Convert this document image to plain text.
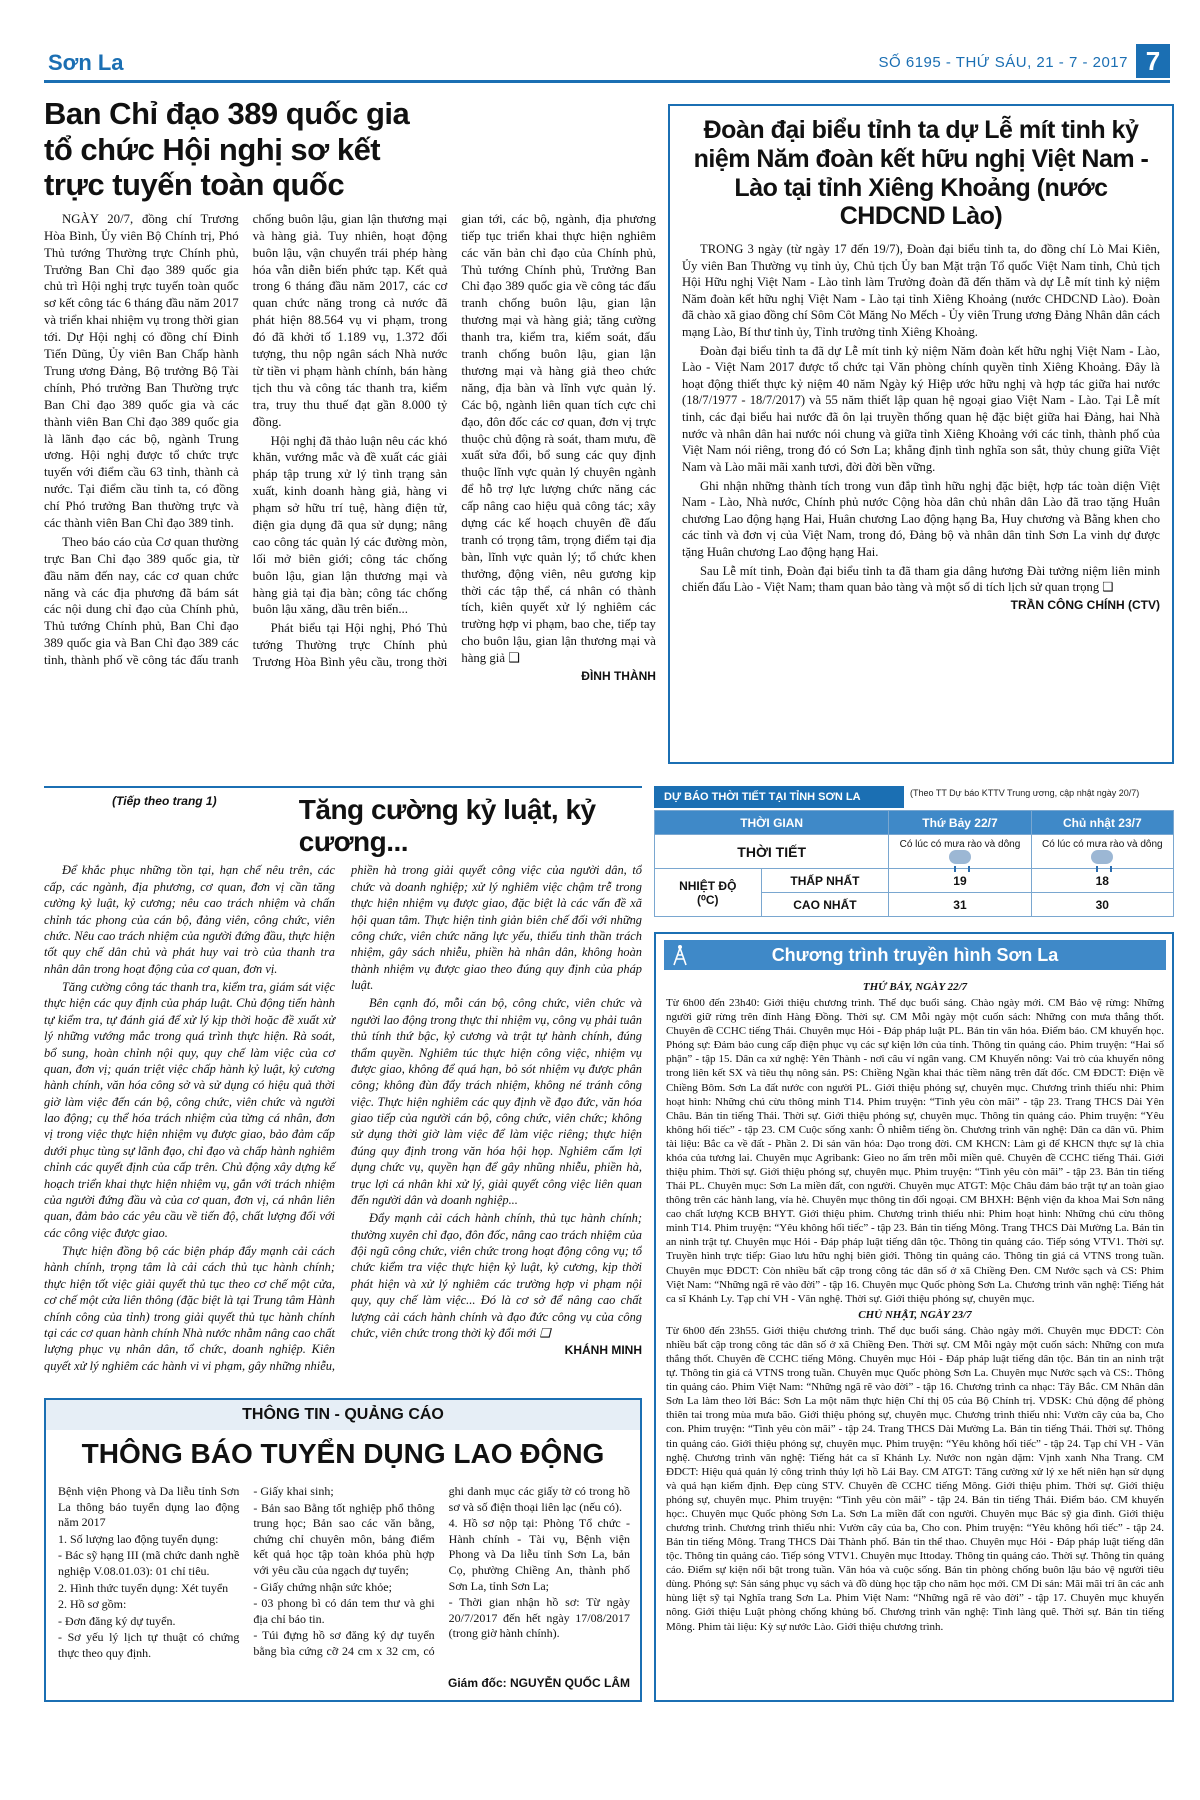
Sơn La	SỐ 6195 - THỨ SÁU, 21 - 7 - 2017 7
Ban Chỉ đạo 389 quốc gia tổ chức Hội nghị sơ kết trực tuyến toàn quốc

NGÀY 20/7, đồng chí Trương Hòa Bình, Ủy viên Bộ Chính trị, Phó Thủ tướng Thường trực Chính phủ, Trưởng Ban Chỉ đạo 389 quốc gia chủ trì Hội nghị trực tuyến toàn quốc sơ kết công tác 6 tháng đầu năm 2017 và triển khai nhiệm vụ trong thời gian tới. Dự Hội nghị có đồng chí Đinh Tiến Dũng, Ủy viên Ban Chấp hành Trung ương Đảng, Bộ trưởng Bộ Tài chính, Phó trưởng Ban Thường trực Ban Chỉ đạo 389 quốc gia và các thành viên Ban Chỉ đạo 389 quốc gia là lãnh đạo các bộ, ngành Trung ương. Hội nghị được tổ chức trực tuyến với điểm cầu 63 tỉnh, thành cả nước. Tại điểm cầu tỉnh ta, có đồng chí Phó trưởng Ban thường trực và các thành viên Ban Chỉ đạo 389 tỉnh.

Theo báo cáo của Cơ quan thường trực Ban Chỉ đạo 389 quốc gia, từ đầu năm đến nay, các cơ quan chức năng và các địa phương đã bám sát các nội dung chỉ đạo của Chính phủ, Thủ tướng Chính phủ, Ban Chỉ đạo 389 quốc gia và Ban Chỉ đạo 389 các tỉnh, thành phố về công tác đấu tranh chống buôn lậu, gian lận thương mại và hàng giả. Tuy nhiên, hoạt động buôn lậu, vận chuyển trái phép hàng hóa vẫn diễn biến phức tạp. Kết quả trong 6 tháng đầu năm 2017, các cơ quan chức năng trong cả nước đã phát hiện 88.564 vụ vi phạm, trong đó đã khởi tố 1.189 vụ, 1.372 đối tượng, thu nộp ngân sách Nhà nước từ tiền vi phạm hành chính, bán hàng tịch thu và công tác thanh tra, kiểm tra, truy thu thuế đạt gần 8.000 tỷ đồng.

Hội nghị đã thảo luận nêu các khó khăn, vướng mắc và đề xuất các giải pháp tập trung xử lý tình trạng sản xuất, kinh doanh hàng giả, hàng vi phạm sở hữu trí tuệ, hàng điện tử, điện gia dụng đã qua sử dụng; nâng cao công tác quản lý các đường mòn, lối mở biên giới; công tác chống buôn lậu, gian lận thương mại và hàng giả tại địa bàn; công tác chống buôn lậu xăng, dầu trên biển...

Phát biểu tại Hội nghị, Phó Thủ tướng Thường trực Chính phủ Trương Hòa Bình yêu cầu, trong thời gian tới, các bộ, ngành, địa phương tiếp tục triển khai thực hiện nghiêm các văn bản chỉ đạo của Chính phủ, Thủ tướng Chính phủ, Trưởng Ban Chỉ đạo 389 quốc gia về công tác đấu tranh chống buôn lậu, gian lận thương mại và hàng giả; tăng cường thanh tra, kiểm tra, kiểm soát, đấu tranh chống buôn lậu, gian lận thương mại và hàng giả theo chức năng, địa bàn và lĩnh vực quản lý. Các bộ, ngành liên quan tích cực chỉ đạo, đôn đốc các cơ quan, đơn vị trực thuộc chủ động rà soát, tham mưu, đề xuất sửa đổi, bổ sung các quy định thuộc lĩnh vực quản lý chuyên ngành để hỗ trợ lực lượng chức năng các cấp nâng cao hiệu quả công tác; xây dựng các kế hoạch chuyên đề đấu tranh có trọng tâm, trọng điểm tại địa bàn, lĩnh vực quản lý; tổ chức khen thưởng, động viên, nêu gương kịp thời các tập thể, cá nhân có thành tích, kiên quyết xử lý nghiêm các trường hợp vi phạm, bao che, tiếp tay cho buôn lậu, gian lận thương mại và hàng giả ❑

ĐÌNH THÀNH
Đoàn đại biểu tỉnh ta dự Lễ mít tinh kỷ niệm Năm đoàn kết hữu nghị Việt Nam - Lào tại tỉnh Xiêng Khoảng (nước CHDCND Lào)

TRONG 3 ngày (từ ngày 17 đến 19/7), Đoàn đại biểu tỉnh ta, do đồng chí Lò Mai Kiên, Ủy viên Ban Thường vụ tỉnh ủy, Chủ tịch Ủy ban Mặt trận Tổ quốc Việt Nam tỉnh, Chủ tịch Hội Hữu nghị Việt Nam - Lào tỉnh làm Trưởng đoàn đã đến thăm và dự Lễ mít tinh kỷ niệm Năm đoàn kết hữu nghị Việt Nam - Lào tại tỉnh Xiêng Khoảng (nước CHDCND Lào). Đoàn đã chào xã giao đồng chí Sôm Côt Măng No Mếch - Ủy viên Trung ương Đảng Nhân dân cách mạng Lào, Bí thư tỉnh ủy, Tỉnh trưởng tỉnh Xiêng Khoảng.

Đoàn đại biểu tỉnh ta đã dự Lễ mít tinh kỷ niệm Năm đoàn kết hữu nghị Việt Nam - Lào, Lào - Việt Nam 2017 được tổ chức tại Văn phòng chính quyền tỉnh Xiêng Khoảng. Đây là hoạt động thiết thực kỷ niệm 40 năm Ngày ký Hiệp ước hữu nghị và hợp tác giữa hai nước (18/7/1977 - 18/7/2017) và 55 năm thiết lập quan hệ ngoại giao Việt Nam - Lào. Tại Lễ mít tinh, các đại biểu hai nước đã ôn lại truyền thống quan hệ đặc biệt giữa hai Đảng, hai Nhà nước và nhân dân hai nước nói chung và giữa tỉnh Xiêng Khoảng với các tỉnh, thành phố của Việt Nam nói riêng, trong đó có Sơn La; khẳng định tình nghĩa son sắt, thủy chung giữa Việt Nam và Lào mãi mãi xanh tươi, đời đời bền vững.

Ghi nhận những thành tích trong vun đắp tình hữu nghị đặc biệt, hợp tác toàn diện Việt Nam - Lào, Nhà nước, Chính phủ nước Cộng hòa dân chủ nhân dân Lào đã trao tặng Huân chương Lao động hạng Hai, Huân chương Lao động hạng Ba, Huy chương và Bằng khen cho các tỉnh và đơn vị của Việt Nam, trong đó, Đảng bộ và nhân dân tỉnh Sơn La vinh dự được tặng Huân chương Lao động hạng Hai.

Sau Lễ mít tinh, Đoàn đại biểu tỉnh ta đã tham gia dâng hương Đài tưởng niệm liên minh chiến đấu Lào - Việt Nam; tham quan bảo tàng và một số di tích lịch sử quan trọng ❑

TRẦN CÔNG CHÍNH (CTV)
(Tiếp theo trang 1)	Tăng cường kỷ luật, kỷ cương...

Để khắc phục những tồn tại, hạn chế nêu trên, các cấp, các ngành, địa phương, cơ quan, đơn vị cần tăng cường kỷ luật, kỷ cương; nêu cao trách nhiệm và chấn chỉnh tác phong của cán bộ, đảng viên, công chức, viên chức. Nêu cao trách nhiệm của người đứng đầu, thực hiện tốt quy chế dân chủ và phát huy vai trò của thanh tra nhân dân trong hoạt động của cơ quan, đơn vị.

Tăng cường công tác thanh tra, kiểm tra, giám sát việc thực hiện các quy định của pháp luật. Chủ động tiến hành tự kiểm tra, tự đánh giá để xử lý kịp thời hoặc đề xuất xử lý những vướng mắc trong quá trình thực hiện. Rà soát, bổ sung, hoàn chỉnh nội quy, quy chế làm việc của cơ quan, đơn vị; quán triệt việc chấp hành kỷ luật, kỷ cương hành chính, văn hóa công sở và sử dụng có hiệu quả thời giờ làm việc đến cán bộ, công chức, viên chức và người lao động; cụ thể hóa trách nhiệm của từng cá nhân, đơn vị trong việc thực hiện nhiệm vụ được giao, bảo đảm cấp dưới phục tùng sự lãnh đạo, chỉ đạo và chấp hành nghiêm chỉnh các quyết định của cấp trên. Chủ động xây dựng kế hoạch triển khai thực hiện nhiệm vụ, gắn với trách nhiệm của người đứng đầu và của cơ quan, đơn vị, cá nhân liên quan, đảm bảo các yêu cầu về tiến độ, chất lượng đối với các công việc được giao.

Thực hiện đồng bộ các biện pháp đẩy mạnh cải cách hành chính, trọng tâm là cải cách thủ tục hành chính; thực hiện tốt việc giải quyết thủ tục theo cơ chế một cửa, cơ chế một cửa liên thông (đặc biệt là tại Trung tâm Hành chính công của tỉnh) trong giải quyết thủ tục hành chính tại các cơ quan hành chính Nhà nước nhằm nâng cao chất lượng phục vụ nhân dân, tổ chức, doanh nghiệp. Kiên quyết xử lý nghiêm các hành vi vi phạm, gây những nhiễu, phiền hà trong giải quyết công việc của người dân, tổ chức và doanh nghiệp; xử lý nghiêm việc chậm trễ trong thực hiện nhiệm vụ được giao, đặc biệt là các vấn đề xã hội quan tâm. Thực hiện tinh giản biên chế đối với những công chức, viên chức năng lực yếu, thiếu tinh thần trách nhiệm, gây sách nhiễu, phiền hà nhân dân, không hoàn thành nhiệm vụ được giao theo đúng quy định của pháp luật.

Bên cạnh đó, mỗi cán bộ, công chức, viên chức và người lao động trong thực thi nhiệm vụ, công vụ phải tuân thủ tính thứ bậc, kỷ cương và trật tự hành chính, đúng thẩm quyền. Nghiêm túc thực hiện công việc, nhiệm vụ được giao, không để quá hạn, bỏ sót nhiệm vụ được phân công; không đùn đẩy trách nhiệm, không né tránh công việc. Thực hiện nghiêm các quy định về đạo đức, văn hóa giao tiếp của người cán bộ, công chức, viên chức; không sử dụng thời giờ làm việc để làm việc riêng; thực hiện đúng quy định trong văn hóa hội họp. Nghiêm cấm lợi dụng chức vụ, quyền hạn để gây nhũng nhiễu, phiền hà, trục lợi cá nhân khi xử lý, giải quyết công việc liên quan đến người dân và doanh nghiệp...

Đẩy mạnh cải cách hành chính, thủ tục hành chính; thường xuyên chỉ đạo, đôn đốc, nâng cao trách nhiệm của đội ngũ công chức, viên chức trong hoạt động công vụ; tổ chức kiểm tra việc thực hiện kỷ luật, kỷ cương, kịp thời phát hiện và xử lý nghiêm các trường hợp vi phạm nội quy, quy chế làm việc... Đó là cơ sở để nâng cao chất lượng cải cách hành chính và đạo đức công vụ của công chức, viên chức trong thời kỳ đổi mới ❑

KHÁNH MINH
DỰ BÁO THỜI TIẾT TẠI TỈNH SƠN LA	(Theo TT Dự báo KTTV Trung ương, cập nhật ngày 20/7)
THỜI GIAN		Thứ Bảy 22/7	Chủ nhật 23/7
THỜI TIẾT		Có lúc có mưa rào và dông	Có lúc có mưa rào và dông

NHIỆT ĐỘ
(⁰C)	THẤP NHẤT	19	18
	CAO NHẤT	31	30
Chương trình truyền hình Sơn La
THỨ BẢY, NGÀY 22/7
Từ 6h00 đến 23h40: Giới thiệu chương trình. Thể dục buổi sáng. Chào ngày mới. CM Bảo vệ rừng: Những người giữ rừng trên đỉnh Hàng Đồng. Thời sự. CM Mỗi ngày một cuốn sách: Những con mưa thắng thốt. Chuyên đề CCHC tiếng Thái. Chuyên mục Hỏi - Đáp pháp luật PL. Bản tin văn hóa. Điểm báo. CM khuyến học. Phóng sự: Đảm bảo cung cấp điện phục vụ các sự kiện lớn của tỉnh. Thông tin quảng cáo. Phim truyện: “Hai số phận” - tập 15. Dân ca xứ nghệ: Yên Thành - nơi câu ví ngân vang. CM Khuyến nông: Vai trò của khuyến nông trong liên kết SX và tiêu thụ nông sản. PS: Chiềng Ngần khai thác tiềm năng trên đất đốc. CM ĐDCT: Điện về Chiềng Bôm. Sơn La đất nước con người PL. Giới thiệu phóng sự, chuyên mục. Chương trình thiếu nhi: Phim hoạt hình: Những chú cừu thông minh T14. Phim truyện: “Tình yêu còn mãi” - tập 23. Trang THCS Dài Yên Châu. Bản tin tiếng Thái. Thời sự. Giới thiệu phóng sự, chuyên mục. Thông tin quảng cáo. Phim truyện: “Yêu không hối tiếc” - tập 23. CM Cuộc sống xanh: Ô nhiễm tiếng ồn. Chương trình văn nghệ: Dân ca dân vũ. Phim tài liệu: Bắc ca về đất - Phần 2. Di sản văn hóa: Dạo trong đời. CM KHCN: Làm gì để KHCN thực sự là chìa khóa của tương lai. Chuyên mục Agribank: Gieo no ấm trên mỗi miền quê. Chuyên đề CCHC tiếng Thái. Giới thiệu phim. Thời sự. Giới thiệu phóng sự, chuyên mục. Phim truyện: “Tình yêu còn mãi” - tập 23. Bản tin tiếng Thái PL. Chuyên mục: Sơn La miền đất, con người. Chuyên mục ATGT: Mộc Châu đảm bảo trật tự an toàn giao thông trên các hành lang, vỉa hè. Chuyên mục thông tin đối ngoại. CM BHXH: Bệnh viện đa khoa Mai Sơn nâng cao chất lượng KCB BHYT. Giới thiệu phim. Chương trình thiếu nhi: Phim hoạt hình: Những chú cừu thông minh T14. Phim truyện: “Yêu không hối tiếc” - tập 23. Bản tin tiếng Mông. Trang THCS Dài Mường La. Bản tin an ninh trật tự. Chuyên mục Hỏi - Đáp pháp luật tiếng dân tộc. Thông tin quảng cáo. Tiếp sóng VTV1. Thời sự. Truyền hình trực tiếp: Giao lưu hữu nghị biên giới. Thông tin quảng cáo. Thông tin giá cả VTNS trong tuần. Chuyên mục ĐDCT: Còn nhiều bất cập trong công tác dân số ở xã Chiềng Đen. CM Nước sạch và CS: Phim Việt Nam: “Những ngã rẽ vào đời” - tập 16. Chuyên mục Quốc phòng Sơn La. Chương trình văn nghệ: Tiếng hát ca sĩ Khánh Ly. Tạp chí VH - Văn nghệ. Thời sự. Giới thiệu phóng sự, chuyên mục.
CHỦ NHẬT, NGÀY 23/7
Từ 6h00 đến 23h55. Giới thiệu chương trình. Thể dục buổi sáng. Chào ngày mới. Chuyên mục ĐDCT: Còn nhiều bất cập trong công tác dân số ở xã Chiềng Đen. Thời sự. CM Mỗi ngày một cuốn sách: Những con mưa thắng thốt. Chuyên đề CCHC tiếng Mông. Chuyên mục Hỏi - Đáp pháp luật tiếng dân tộc. Bản tin an ninh trật tự. Thông tin giá cả VTNS trong tuần. Chuyên mục Quốc phòng Sơn La. Chuyên mục Nước sạch và CS:. Thông tin quảng cáo. Phim Việt Nam: “Những ngã rẽ vào đời” - tập 16. Chương trình ca nhạc: Tây Bắc. CM Nhân dân Sơn La làm theo lời Bác: Sơn La một năm thực hiện Chỉ thị 05 của Bộ Chính trị. VDSK: Chủ động để phòng thiên tai trong mùa mưa bão. Giới thiệu phóng sự, chuyên mục. Chương trình thiếu nhi: Vườn cây của ba, Cho con. Phim truyện: “Tình yêu còn mãi” - tập 24. Trang THCS Dài Mường La. Bản tin tiếng Thái. Thời sự. Thông tin quảng cáo. Giới thiệu phóng sự, chuyên mục. Phim truyện: “Yêu không hối tiếc” - tập 24. Tạp chí VH - Văn nghệ. Chương trình văn nghệ: Tiếng hát ca sĩ Khánh Ly. Nước non ngàn dặm: Vịnh xanh Nha Trang. CM ĐDCT: Hiệu quả quản lý công trình thủy lợi hồ Lái Bay. CM ATGT: Tăng cường xử lý xe hết niên hạn sử dụng và quá hạn kiểm định. Đẹp cùng STV. Chuyên đề CCHC tiếng Mông. Giới thiệu phim. Thời sự. Giới thiệu phóng sự, chuyên mục. Phim truyện: “Tình yêu còn mãi” - tập 24. Bản tin tiếng Thái. Điểm báo. CM khuyến học:. Chuyên mục Quốc phòng Sơn La. Sơn La miền đất con người. Chuyên mục Bác sỹ gia đình. Giới thiệu chương trình. Chương trình thiếu nhi: Vườn cây của ba, Cho con. Phim truyện: “Yêu không hối tiếc” - tập 24. Bản tin tiếng Mông. Trang THCS Dài Thành phố. Bản tin thể thao. Chuyên mục Hỏi - Đáp pháp luật tiếng dân tộc. Thông tin quảng cáo. Tiếp sóng VTV1. Chuyên mục Ittoday. Thông tin quảng cáo. Thời sự. Thông tin quảng cáo. Điểm sự kiện nổi bật trong tuần. Văn hóa và cuộc sống. Bản tin phòng chống buôn lậu bảo vệ người tiêu dùng. Phóng sự: Sản sáng phục vụ sách và đồ dùng học tập cho năm học mới. CM Di sản: Mãi mãi trí ân các anh hùng liệt sỹ tại Nghĩa trang Sơn La. Phim Việt Nam: “Những ngã rẽ vào đời” - tập 17. Chuyên mục khuyến nông. Giới thiệu Luật phòng chống khủng bố. Chương trình văn nghệ: Tình làng quê. Thời sự. Bản tin tiếng Mông. Phim tài liệu: Kỳ sự nước Lào. Giới thiệu chương trình.
THÔNG TIN - QUẢNG CÁO
THÔNG BÁO TUYỂN DỤNG LAO ĐỘNG

Bệnh viện Phong và Da liễu tỉnh Sơn La thông báo tuyển dụng lao động năm 2017

1. Số lượng lao động tuyển dụng:

- Bác sỹ hạng III (mã chức danh nghề nghiệp V.08.01.03): 01 chỉ tiêu.

2. Hình thức tuyển dụng: Xét tuyển

2. Hồ sơ gồm:

- Đơn đăng ký dự tuyển.

- Sơ yếu lý lịch tự thuật có chứng thực theo quy định.

- Giấy khai sinh;

- Bản sao Bằng tốt nghiệp phổ thông trung học; Bản sao các văn bằng, chứng chỉ chuyên môn, bảng điểm kết quả học tập toàn khóa phù hợp với yêu cầu của ngạch dự tuyển;

- Giấy chứng nhận sức khỏe;

- 03 phong bì có dán tem thư và ghi địa chỉ báo tin.

- Túi đựng hồ sơ đăng ký dự tuyển bằng bìa cứng cỡ 24 cm x 32 cm, có ghi danh mục các giấy tờ có trong hồ sơ và số điện thoại liên lạc (nếu có).

4. Hồ sơ nộp tại: Phòng Tổ chức - Hành chính - Tài vụ, Bệnh viện Phong và Da liễu tỉnh Sơn La, bản Cọ, phường Chiềng An, thành phố Sơn La, tỉnh Sơn La;

- Thời gian nhận hồ sơ: Từ ngày 20/7/2017 đến hết ngày 17/08/2017 (trong giờ hành chính).

Giám đốc: NGUYỄN QUỐC LÂM
